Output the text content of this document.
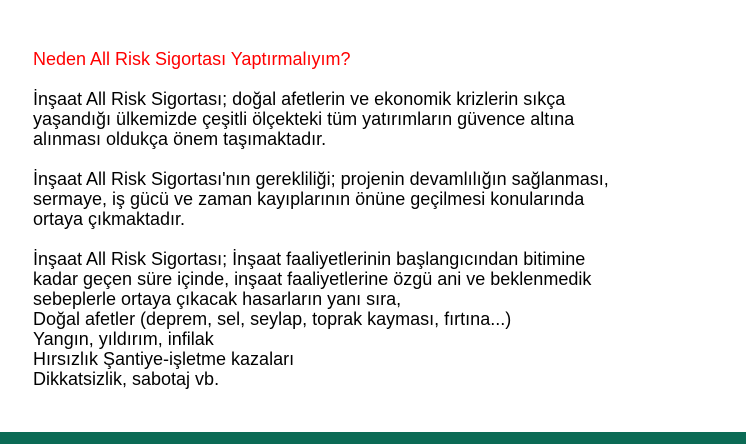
Neden All Risk Sigortası Yaptırmalıyım?

İnşaat All Risk Sigortası; doğal afetlerin ve ekonomik krizlerin sıkça
yaşandığı ülkemizde çeşitli ölçekteki tüm yatırımların güvence altına
alınması oldukça önem taşımaktadır.

İnşaat All Risk Sigortası'nın gerekliliği; projenin devamlılığın sağlanması,
sermaye, iş gücü ve zaman kayıplarının önüne geçilmesi konularında
ortaya çıkmaktadır.

İnşaat All Risk Sigortası; İnşaat faaliyetlerinin başlangıcından bitimine
kadar geçen süre içinde, inşaat faaliyetlerine özgü ani ve beklenmedik
sebeplerle ortaya çıkacak hasarların yanı sıra,
Doğal afetler (deprem, sel, seylap, toprak kayması, fırtına...)
Yangın, yıldırım, infilak
Hırsızlık Şantiye-işletme kazaları
Dikkatsizlik, sabotaj vb.
